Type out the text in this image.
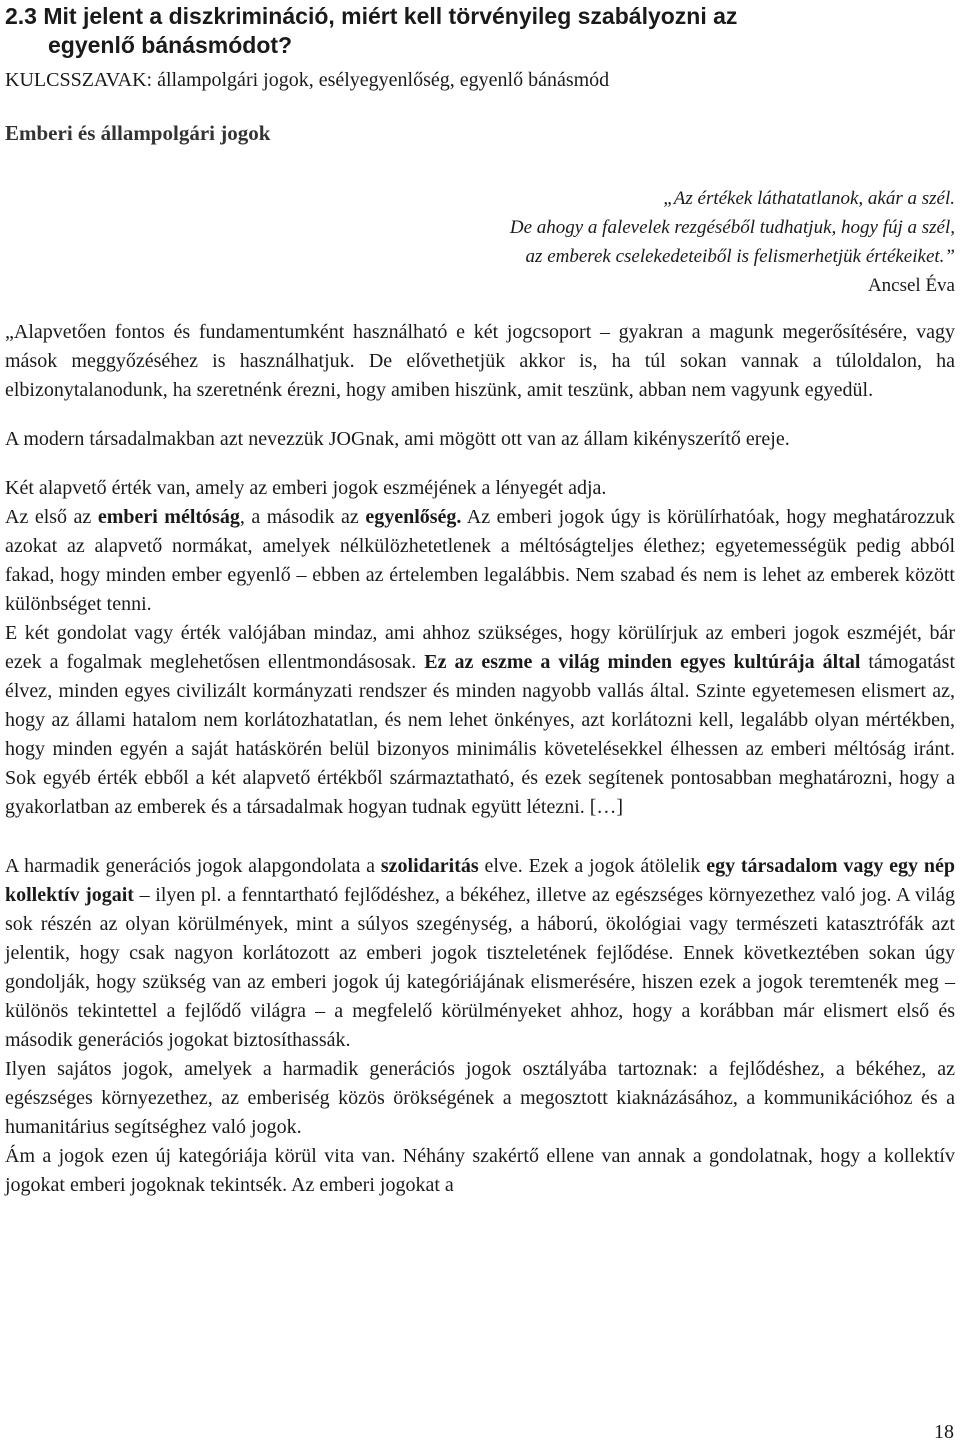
2.3 Mit jelent a diszkrimináció, miért kell törvényileg szabályozni az
egyenlő bánásmódot?

KULCSSZAVAK: állampolgári jogok, esélyegyenlőség, egyenlő bánásmód

Emberi és állampolgári jogok

„Az értékek láthatatlanok, akár a szél.
De ahogy a falevelek rezgéséből tudhatjuk, hogy fúj a szél,
az emberek cselekedeteiből is felismerhetjük értékeiket.”
Ancsel Éva

„Alapvetően fontos és fundamentumként használható e két jogcsoport – gyakran a magunk megerősítésére, vagy mások meggyőzéséhez is használhatjuk. De elővethetjük akkor is, ha túl sokan vannak a túloldalon, ha elbizonytalanodunk, ha szeretnénk érezni, hogy amiben hiszünk, amit teszünk, abban nem vagyunk egyedül.

A modern társadalmakban azt nevezzük JOGnak, ami mögött ott van az állam kikényszerítő ereje.

Két alapvető érték van, amely az emberi jogok eszméjének a lényegét adja.

Az első az emberi méltóság, a második az egyenlőség. Az emberi jogok úgy is körülírhatóak, hogy meghatározzuk azokat az alapvető normákat, amelyek nélkülözhetetlenek a méltóságteljes élethez; egyetemességük pedig abból fakad, hogy minden ember egyenlő – ebben az értelemben legalábbis. Nem szabad és nem is lehet az emberek között különbséget tenni.

E két gondolat vagy érték valójában mindaz, ami ahhoz szükséges, hogy körülírjuk az emberi jogok eszméjét, bár ezek a fogalmak meglehetősen ellentmondásosak. Ez az eszme a világ minden egyes kultúrája által támogatást élvez, minden egyes civilizált kormányzati rendszer és minden nagyobb vallás által. Szinte egyetemesen elismert az, hogy az állami hatalom nem korlátozhatatlan, és nem lehet önkényes, azt korlátozni kell, legalább olyan mértékben, hogy minden egyén a saját hatáskörén belül bizonyos minimális követelésekkel élhessen az emberi méltóság iránt. Sok egyéb érték ebből a két alapvető értékből származtatható, és ezek segítenek pontosabban meghatározni, hogy a gyakorlatban az emberek és a társadalmak hogyan tudnak együtt létezni. […]

A harmadik generációs jogok alapgondolata a szolidaritás elve. Ezek a jogok átölelik egy társadalom vagy egy nép kollektív jogait – ilyen pl. a fenntartható fejlődéshez, a békéhez, illetve az egészséges környezethez való jog. A világ sok részén az olyan körülmények, mint a súlyos szegénység, a háború, ökológiai vagy természeti katasztrófák azt jelentik, hogy csak nagyon korlátozott az emberi jogok tiszteletének fejlődése. Ennek következtében sokan úgy gondolják, hogy szükség van az emberi jogok új kategóriájának elismerésére, hiszen ezek a jogok teremtenék meg – különös tekintettel a fejlődő világra – a megfelelő körülményeket ahhoz, hogy a korábban már elismert első és második generációs jogokat biztosíthassák.

Ilyen sajátos jogok, amelyek a harmadik generációs jogok osztályába tartoznak: a fejlődéshez, a békéhez, az egészséges környezethez, az emberiség közös örökségének a megosztott kiaknázásához, a kommunikációhoz és a humanitárius segítséghez való jogok.

Ám a jogok ezen új kategóriája körül vita van. Néhány szakértő ellene van annak a gondolatnak, hogy a kollektív jogokat emberi jogoknak tekintsék. Az emberi jogokat a

18
